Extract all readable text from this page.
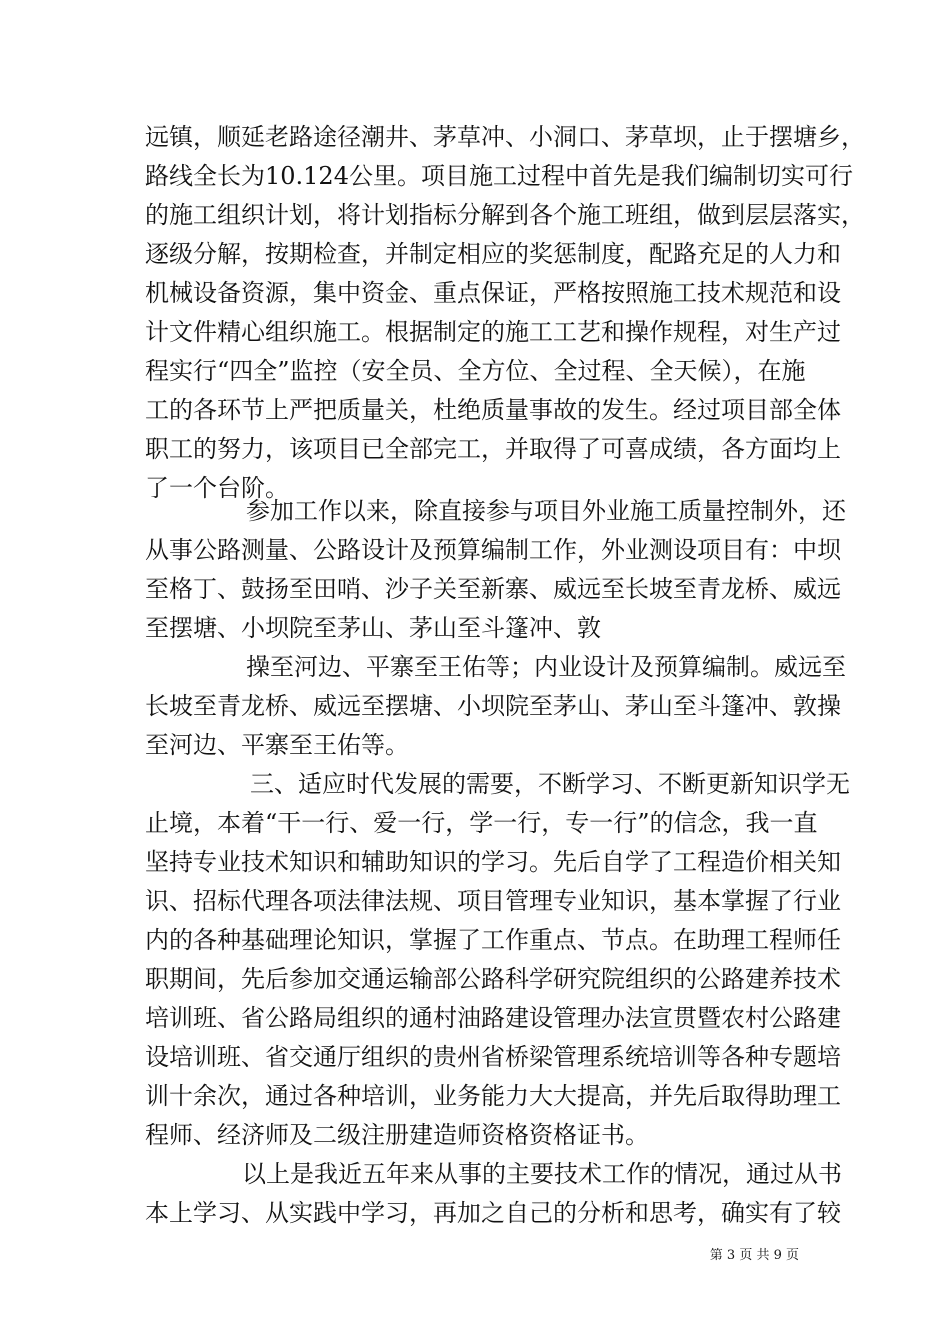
远镇，顺延老路途径潮井、茅草冲、小洞口、茅草坝，止于摆塘乡，
路线全长为10.124公里。项目施工过程中首先是我们编制切实可行
的施工组织计划，将计划指标分解到各个施工班组，做到层层落实，
逐级分解，按期检查，并制定相应的奖惩制度，配路充足的人力和
机械设备资源，集中资金、重点保证，严格按照施工技术规范和设
计文件精心组织施工。根据制定的施工工艺和操作规程，对生产过
程实行“四全”监控（安全员、全方位、全过程、全天候），在施
工的各环节上严把质量关，杜绝质量事故的发生。经过项目部全体
职工的努力，该项目已全部完工，并取得了可喜成绩，各方面均上
了一个台阶。
参加工作以来，除直接参与项目外业施工质量控制外，还
从事公路测量、公路设计及预算编制工作，外业测设项目有：中坝
至格丁、鼓扬至田哨、沙子关至新寨、威远至长坡至青龙桥、威远
至摆塘、小坝院至茅山、茅山至斗篷冲、敦
操至河边、平寨至王佑等；内业设计及预算编制。威远至
长坡至青龙桥、威远至摆塘、小坝院至茅山、茅山至斗篷冲、敦操
至河边、平寨至王佑等。
三、适应时代发展的需要，不断学习、不断更新知识学无
止境，本着“干一行、爱一行，学一行，专一行”的信念，我一直
坚持专业技术知识和辅助知识的学习。先后自学了工程造价相关知
识、招标代理各项法律法规、项目管理专业知识，基本掌握了行业
内的各种基础理论知识，掌握了工作重点、节点。在助理工程师任
职期间，先后参加交通运输部公路科学研究院组织的公路建养技术
培训班、省公路局组织的通村油路建设管理办法宣贯暨农村公路建
设培训班、省交通厅组织的贵州省桥梁管理系统培训等各种专题培
训十余次，通过各种培训，业务能力大大提高，并先后取得助理工
程师、经济师及二级注册建造师资格资格证书。
以上是我近五年来从事的主要技术工作的情况，通过从书
本上学习、从实践中学习，再加之自己的分析和思考，确实有了较
第 3 页 共 9 页
